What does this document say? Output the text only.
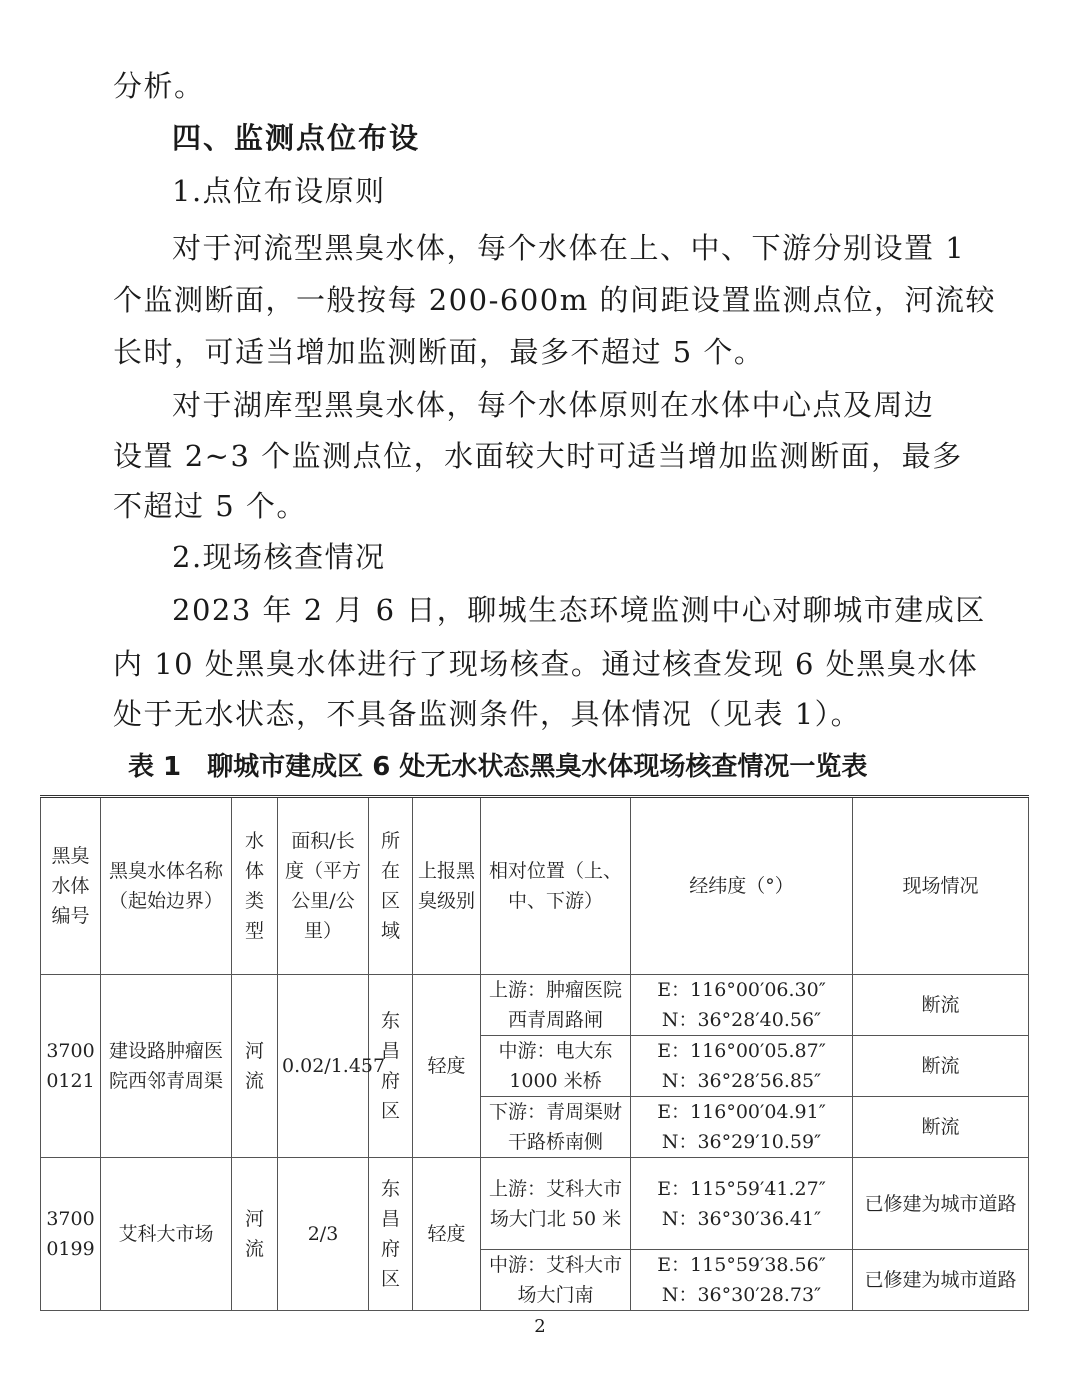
分析。
四、监测点位布设
1.点位布设原则
对于河流型黑臭水体，每个水体在上、中、下游分别设置 1
个监测断面，一般按每 200-600m 的间距设置监测点位，河流较
长时，可适当增加监测断面，最多不超过 5 个。
对于湖库型黑臭水体，每个水体原则在水体中心点及周边
设置 2~3 个监测点位，水面较大时可适当增加监测断面，最多
不超过 5 个。
2.现场核查情况
2023 年 2 月 6 日，聊城生态环境监测中心对聊城市建成区
内 10 处黑臭水体进行了现场核查。通过核查发现 6 处黑臭水体
处于无水状态，不具备监测条件，具体情况（见表 1）。
表 1 聊城市建成区 6 处无水状态黑臭水体现场核查情况一览表
黑臭水体编号	黑臭水体名称（起始边界）	水体类型	面积/长度（平方公里/公里）	所在区域	上报黑臭级别	相对位置（上、中、下游）	经纬度（°）	现场情况
37000121	建设路肿瘤医院西邻青周渠	河流	0.02/1.457	东昌府区	轻度	上游：肿瘤医院西青周路闸	E：116°00′06.30″
N：36°28′40.56″	断流
						中游：电大东1000 米桥	E：116°00′05.87″
N：36°28′56.85″	断流
						下游：青周渠财干路桥南侧	E：116°00′04.91″
N：36°29′10.59″	断流
37000199	艾科大市场	河流	2/3	东昌府区	轻度	上游：艾科大市场大门北 50 米	E：115°59′41.27″
N：36°30′36.41″	已修建为城市道路
						中游：艾科大市场大门南	E：115°59′38.56″
N：36°30′28.73″	已修建为城市道路
2
